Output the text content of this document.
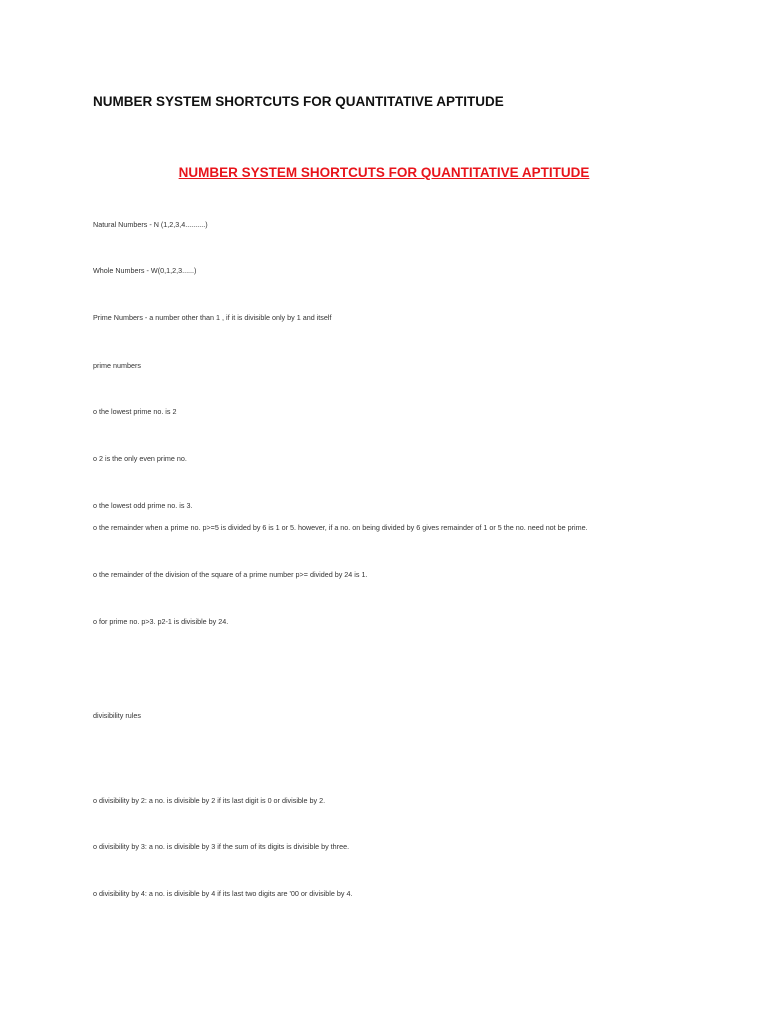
NUMBER SYSTEM SHORTCUTS FOR QUANTITATIVE APTITUDE

NUMBER SYSTEM SHORTCUTS FOR QUANTITATIVE APTITUDE

Natural Numbers - N (1,2,3,4..........)

Whole Numbers - W(0,1,2,3......)

Prime Numbers - a number other than 1 , if it is divisible only by 1 and itself

prime numbers

o the lowest prime no. is 2

o 2 is the only even prime no.

o the lowest odd prime no. is 3.

o the remainder when a prime no. p>=5 is divided by 6 is 1 or 5. however, if a no. on being divided by 6 gives remainder of 1 or 5 the no. need not be prime.

o the remainder of the division of the square of a prime number p>= divided by 24 is 1.

o for prime no. p>3. p2-1 is divisible by 24.

divisibility rules

o divisibility by 2: a no. is divisible by 2 if its last digit is 0 or divisible by 2.

o divisibility by 3: a no. is divisible by 3 if the sum of its digits is divisible by three.

o divisibility by 4: a no. is divisible by 4 if its last two digits are '00 or divisible by 4.
